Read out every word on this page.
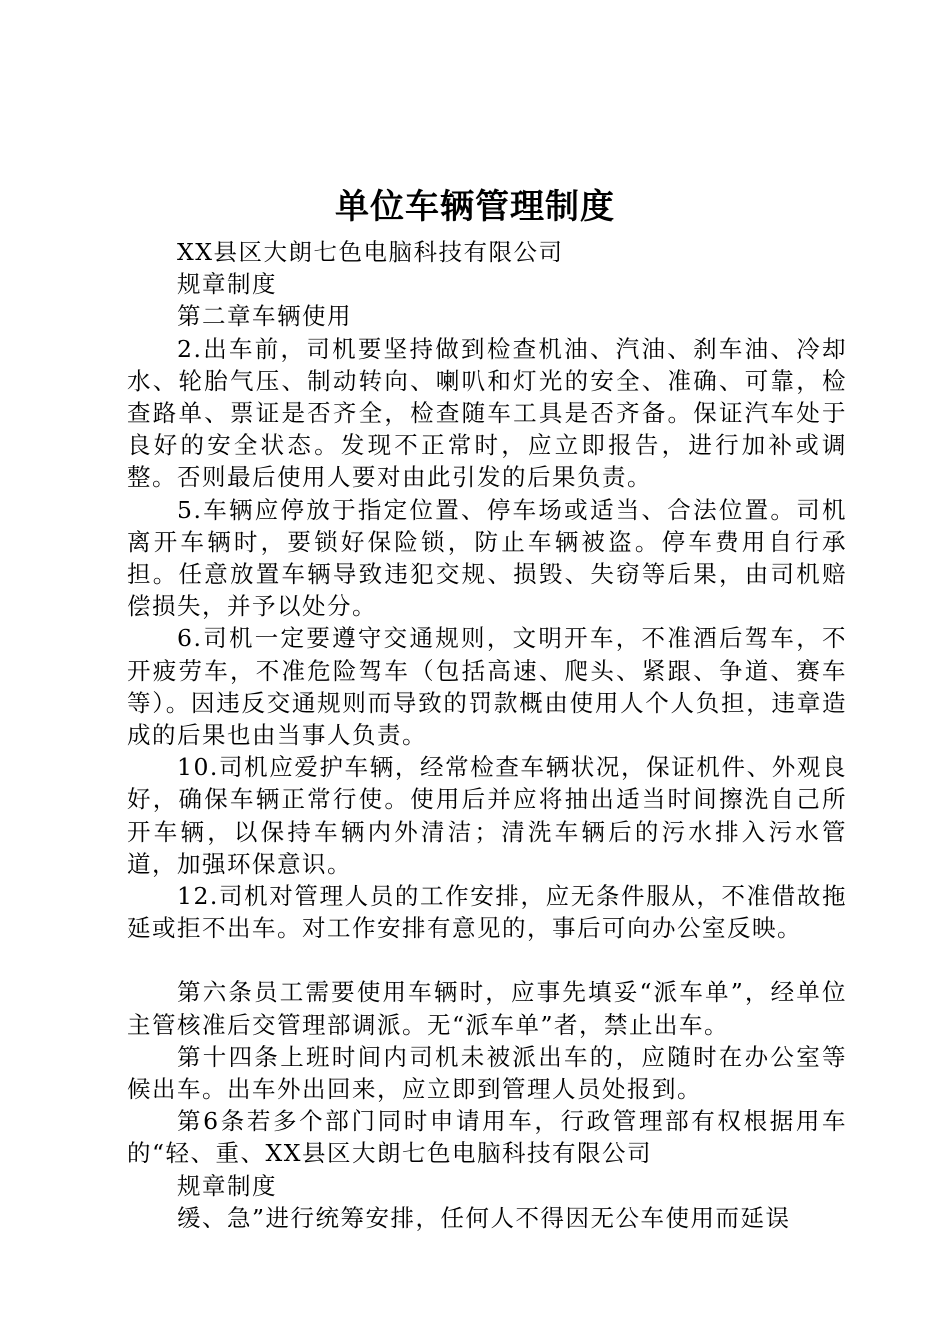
单位车辆管理制度

XX县区大朗七色电脑科技有限公司

规章制度

第二章车辆使用

2.出车前，司机要坚持做到检查机油、汽油、刹车油、冷却水、轮胎气压、制动转向、喇叭和灯光的安全、准确、可靠，检查路单、票证是否齐全，检查随车工具是否齐备。保证汽车处于良好的安全状态。发现不正常时，应立即报告，进行加补或调整。否则最后使用人要对由此引发的后果负责。

5.车辆应停放于指定位置、停车场或适当、合法位置。司机离开车辆时，要锁好保险锁，防止车辆被盗。停车费用自行承担。任意放置车辆导致违犯交规、损毁、失窃等后果，由司机赔偿损失，并予以处分。

6.司机一定要遵守交通规则，文明开车，不准酒后驾车，不开疲劳车，不准危险驾车（包括高速、爬头、紧跟、争道、赛车等）。因违反交通规则而导致的罚款概由使用人个人负担，违章造成的后果也由当事人负责。

10.司机应爱护车辆，经常检查车辆状况，保证机件、外观良好，确保车辆正常行使。使用后并应将抽出适当时间擦洗自己所开车辆，以保持车辆内外清洁；清洗车辆后的污水排入污水管道，加强环保意识。

12.司机对管理人员的工作安排，应无条件服从，不准借故拖延或拒不出车。对工作安排有意见的，事后可向办公室反映。

第六条员工需要使用车辆时，应事先填妥“派车单”，经单位主管核准后交管理部调派。无“派车单”者，禁止出车。

第十四条上班时间内司机未被派出车的，应随时在办公室等候出车。出车外出回来，应立即到管理人员处报到。

第6条若多个部门同时申请用车，行政管理部有权根据用车的“轻、重、XX县区大朗七色电脑科技有限公司

规章制度

缓、急”进行统筹安排，任何人不得因无公车使用而延误
